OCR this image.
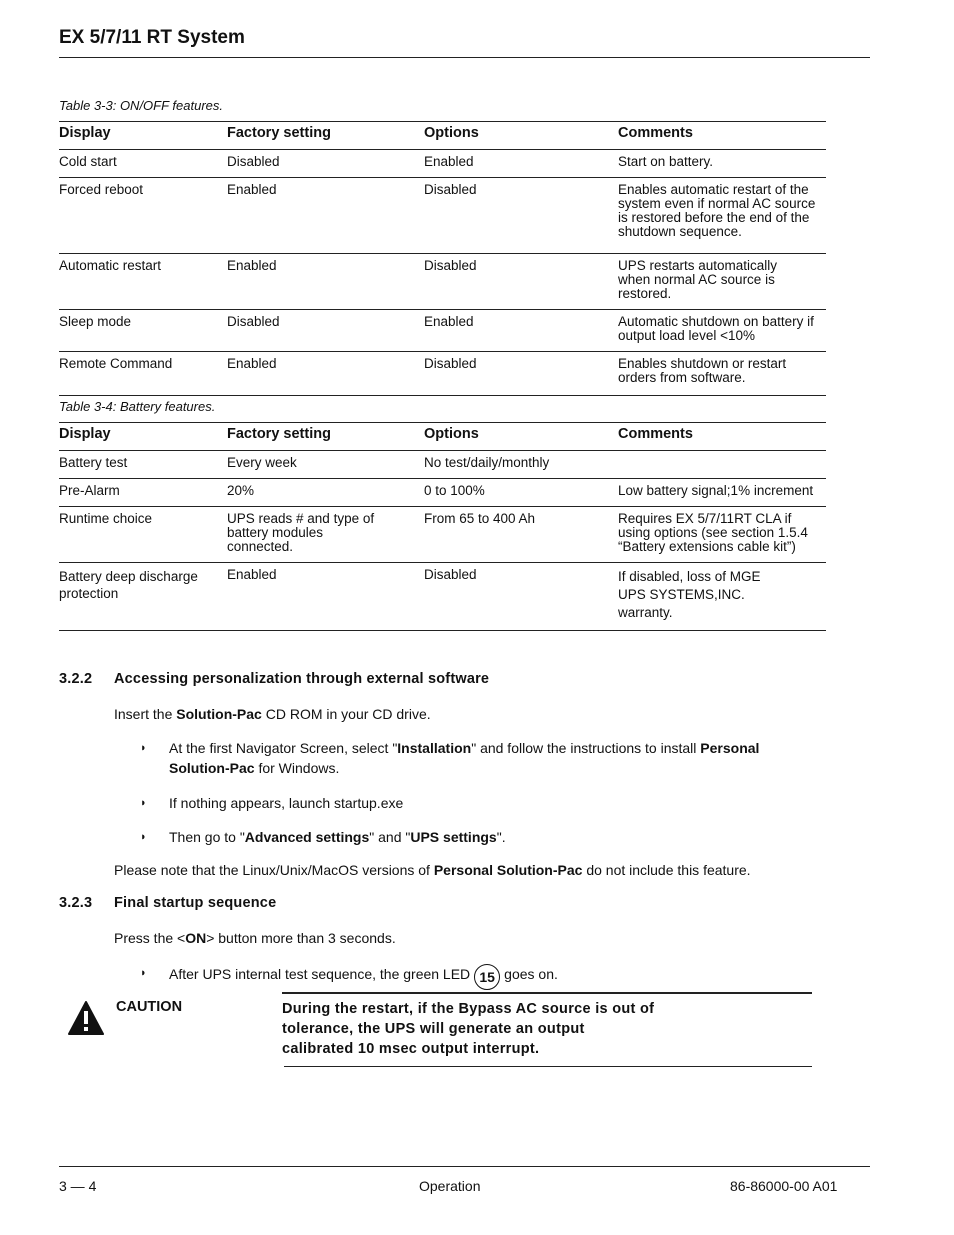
EX 5/7/11 RT System
Table 3-3: ON/OFF features.
Display	Factory setting	Options	Comments
Cold start	Disabled	Enabled	Start on battery.
Forced reboot	Enabled	Disabled	Enables automatic restart of the system even if normal AC source is restored before the end of the shutdown sequence.
Automatic restart	Enabled	Disabled	UPS restarts automatically when normal AC source is restored.
Sleep mode	Disabled	Enabled	Automatic shutdown on battery if output load level <10%
Remote Command	Enabled	Disabled	Enables shutdown or restart orders from software.
Table 3-4: Battery features.
Display	Factory setting	Options	Comments
Battery test	Every week	No test/daily/monthly	
Pre-Alarm	20%	0 to 100%	Low battery signal;1% increment
Runtime choice	UPS reads # and type of battery modules connected.	From 65 to 400 Ah	Requires EX 5/7/11RT CLA if using options (see section 1.5.4 “Battery extensions cable kit”)
Battery deep discharge protection	Enabled	Disabled	If disabled, loss of MGE UPS SYSTEMS,INC. warranty.
3.2.2 Accessing personalization through external software
Insert the Solution-Pac CD ROM in your CD drive.
◗ At the first Navigator Screen, select "Installation" and follow the instructions to install Personal
Solution-Pac for Windows.
◗ If nothing appears, launch startup.exe
◗ Then go to "Advanced settings" and "UPS settings".
Please note that the Linux/Unix/MacOS versions of Personal Solution-Pac do not include this feature.
3.2.3 Final startup sequence
Press the <ON> button more than 3 seconds.
◗ After UPS internal test sequence, the green LED 15 goes on.
CAUTION	During the restart, if the Bypass AC source is out of
tolerance, the UPS will generate an output
calibrated 10 msec output interrupt.
3 — 4	Operation	86-86000-00 A01
